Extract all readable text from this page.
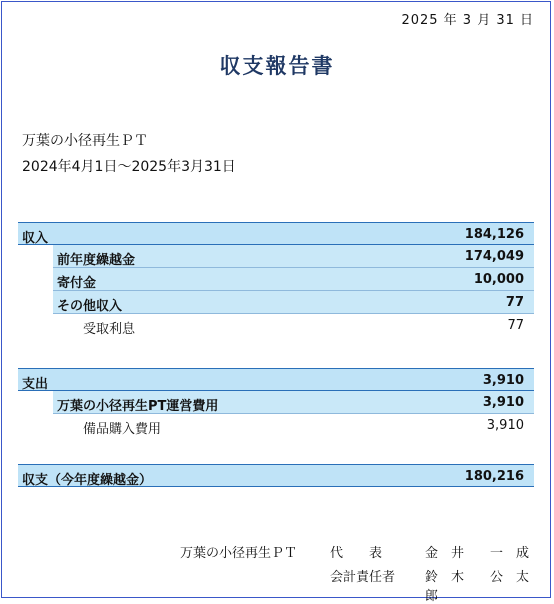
2025 年 3 月 31 日
収支報告書
万葉の小径再生ＰＴ
2024年4月1日～2025年3月31日
収入	184,126
前年度繰越金	174,049
寄付金	10,000
その他収入	77
受取利息	77
支出	3,910
万葉の小径再生PT運営費用	3,910
備品購入費用	3,910
収支（今年度繰越金）	180,216
万葉の小径再生ＰＴ	代　　表	金　井　　一　成
会計責任者 鈴　木　　公　太　郎
